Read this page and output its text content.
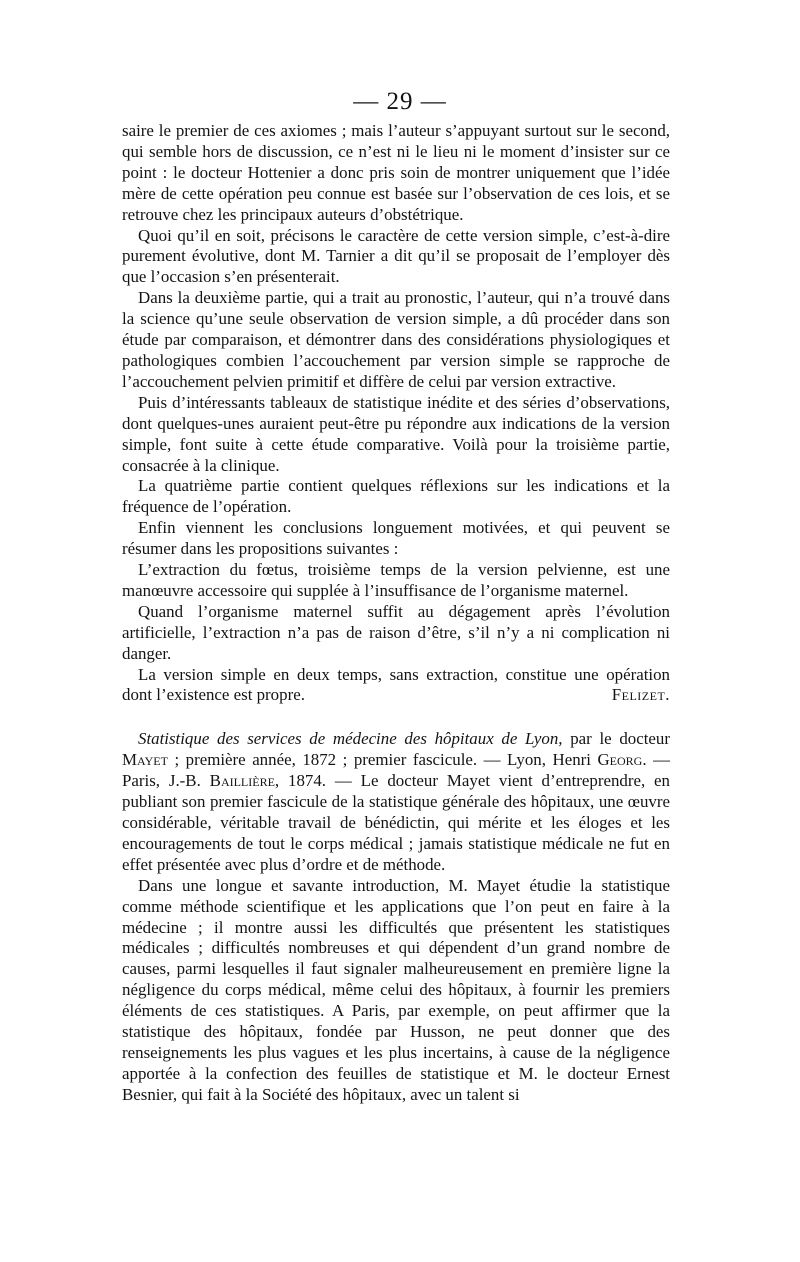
— 29 —

saire le premier de ces axiomes ; mais l’auteur s’appuyant surtout sur le second, qui semble hors de discussion, ce n’est ni le lieu ni le moment d’insister sur ce point : le docteur Hottenier a donc pris soin de montrer uniquement que l’idée mère de cette opération peu connue est basée sur l’observation de ces lois, et se retrouve chez les principaux auteurs d’obstétrique.

Quoi qu’il en soit, précisons le caractère de cette version simple, c’est-à-dire purement évolutive, dont M. Tarnier a dit qu’il se proposait de l’employer dès que l’occasion s’en présenterait.

Dans la deuxième partie, qui a trait au pronostic, l’auteur, qui n’a trouvé dans la science qu’une seule observation de version simple, a dû procéder dans son étude par comparaison, et démontrer dans des considérations physiologiques et pathologiques combien l’accouchement par version simple se rapproche de l’accouchement pelvien primitif et diffère de celui par version extractive.

Puis d’intéressants tableaux de statistique inédite et des séries d’observations, dont quelques-unes auraient peut-être pu répondre aux indications de la version simple, font suite à cette étude comparative. Voilà pour la troisième partie, consacrée à la clinique.

La quatrième partie contient quelques réflexions sur les indications et la fréquence de l’opération.

Enfin viennent les conclusions longuement motivées, et qui peuvent se résumer dans les propositions suivantes :

L’extraction du fœtus, troisième temps de la version pelvienne, est une manœuvre accessoire qui supplée à l’insuffisance de l’organisme maternel.

Quand l’organisme maternel suffit au dégagement après l’évolution artificielle, l’extraction n’a pas de raison d’être, s’il n’y a ni complication ni danger.

La version simple en deux temps, sans extraction, constitue une opération dont l’existence est propre.	Felizet.

Statistique des services de médecine des hôpitaux de Lyon, par le docteur Mayet ; première année, 1872 ; premier fascicule. — Lyon, Henri Georg. —Paris, J.-B. Baillière, 1874. — Le docteur Mayet vient d’entreprendre, en publiant son premier fascicule de la statistique générale des hôpitaux, une œuvre considérable, véritable travail de bénédictin, qui mérite et les éloges et les encouragements de tout le corps médical ; jamais statistique médicale ne fut en effet présentée avec plus d’ordre et de méthode.

Dans une longue et savante introduction, M. Mayet étudie la statistique comme méthode scientifique et les applications que l’on peut en faire à la médecine ; il montre aussi les difficultés que présentent les statistiques médicales ; difficultés nombreuses et qui dépendent d’un grand nombre de causes, parmi lesquelles il faut signaler malheureusement en première ligne la négligence du corps médical, même celui des hôpitaux, à fournir les premiers éléments de ces statistiques. A Paris, par exemple, on peut affirmer que la statistique des hôpitaux, fondée par Husson, ne peut donner que des renseignements les plus vagues et les plus incertains, à cause de la négligence apportée à la confection des feuilles de statistique et M. le docteur Ernest Besnier, qui fait à la Société des hôpitaux, avec un talent si
